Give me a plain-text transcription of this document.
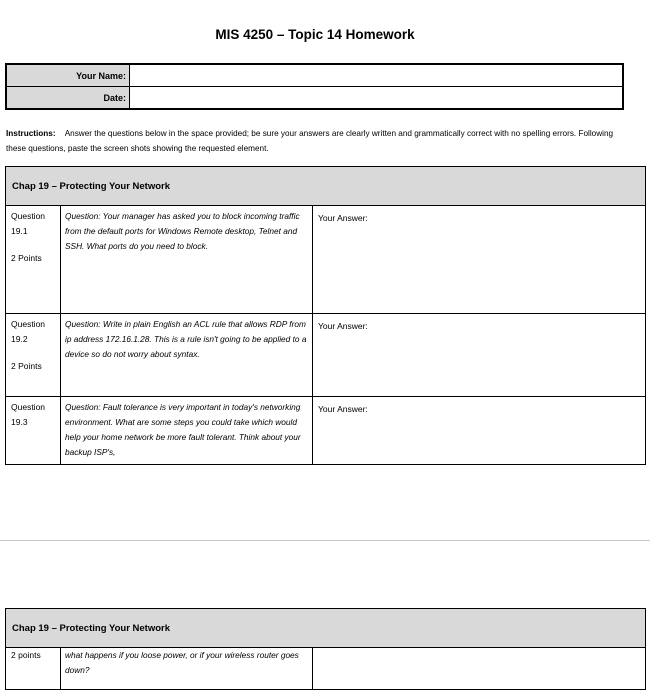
MIS 4250 – Topic 14 Homework
Your Name:	
Date:	
Instructions: Answer the questions below in the space provided; be sure your answers are clearly written and grammatically correct with no spelling errors. Following these questions, paste the screen shots showing the requested element.
Chap 19 – Protecting Your Network		

Question
19.1
2 Points	Question: Your manager has asked you to block incoming traffic from the default ports for Windows Remote desktop, Telnet and SSH. What ports do you need to block.	Your Answer:

Question
19.2
2 Points	Question: Write in plain English an ACL rule that allows RDP from ip address 172.16.1.28. This is a rule isn't going to be applied to a device so do not worry about syntax.	Your Answer:

Question
19.3	Question: Fault tolerance is very important in today's networking environment. What are some steps you could take which would help your home network be more fault tolerant. Think about your backup ISP's,	Your Answer:
Chap 19 – Protecting Your Network
2 points	what happens if you loose power, or if your wireless router goes down?	
